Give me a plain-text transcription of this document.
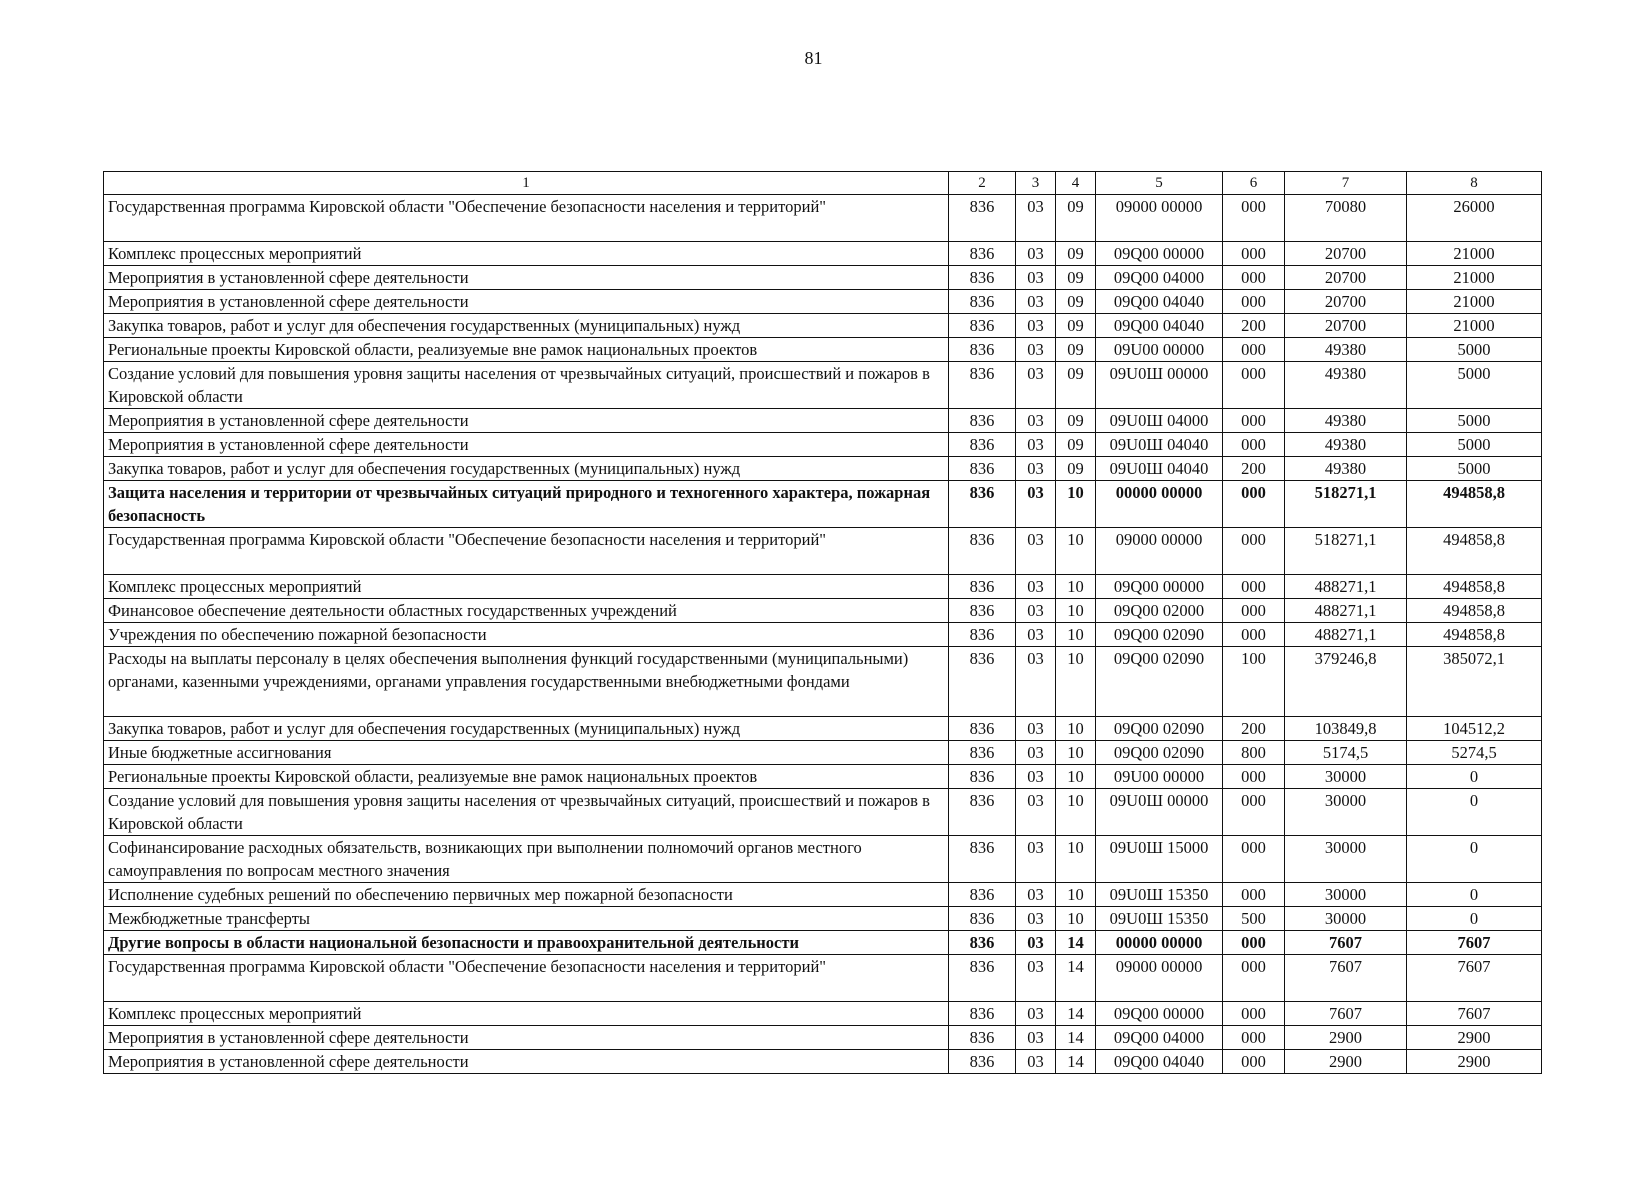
81
1	2	3	4	5	6	7	8
Государственная программа Кировской области "Обеспечение безопасности населения и территорий"	836	03	09	09000 00000	000	70080	26000
Комплекс процессных мероприятий	836	03	09	09Q00 00000	000	20700	21000
Мероприятия в установленной сфере деятельности	836	03	09	09Q00 04000	000	20700	21000
Мероприятия в установленной сфере деятельности	836	03	09	09Q00 04040	000	20700	21000
Закупка товаров, работ и услуг для обеспечения государственных (муниципальных) нужд	836	03	09	09Q00 04040	200	20700	21000
Региональные проекты Кировской области, реализуемые вне рамок национальных проектов	836	03	09	09U00 00000	000	49380	5000
Создание условий для повышения уровня защиты населения от чрезвычайных ситуаций, происшествий и пожаров в Кировской области	836	03	09	09U0Ш 00000	000	49380	5000
Мероприятия в установленной сфере деятельности	836	03	09	09U0Ш 04000	000	49380	5000
Мероприятия в установленной сфере деятельности	836	03	09	09U0Ш 04040	000	49380	5000
Закупка товаров, работ и услуг для обеспечения государственных (муниципальных) нужд	836	03	09	09U0Ш 04040	200	49380	5000
Защита населения и территории от чрезвычайных ситуаций природного и техногенного характера, пожарная безопасность	836	03	10	00000 00000	000	518271,1	494858,8
Государственная программа Кировской области "Обеспечение безопасности населения и территорий"	836	03	10	09000 00000	000	518271,1	494858,8
Комплекс процессных мероприятий	836	03	10	09Q00 00000	000	488271,1	494858,8
Финансовое обеспечение деятельности областных государственных учреждений	836	03	10	09Q00 02000	000	488271,1	494858,8
Учреждения по обеспечению пожарной безопасности	836	03	10	09Q00 02090	000	488271,1	494858,8
Расходы на выплаты персоналу в целях обеспечения выполнения функций государственными (муниципальными) органами, казенными учреждениями, органами управления государственными внебюджетными фондами	836	03	10	09Q00 02090	100	379246,8	385072,1
Закупка товаров, работ и услуг для обеспечения государственных (муниципальных) нужд	836	03	10	09Q00 02090	200	103849,8	104512,2
Иные бюджетные ассигнования	836	03	10	09Q00 02090	800	5174,5	5274,5
Региональные проекты Кировской области, реализуемые вне рамок национальных проектов	836	03	10	09U00 00000	000	30000	0
Создание условий для повышения уровня защиты населения от чрезвычайных ситуаций, происшествий и пожаров в Кировской области	836	03	10	09U0Ш 00000	000	30000	0
Софинансирование расходных обязательств, возникающих при выполнении полномочий органов местного самоуправления по вопросам местного значения	836	03	10	09U0Ш 15000	000	30000	0
Исполнение судебных решений по обеспечению первичных мер пожарной безопасности	836	03	10	09U0Ш 15350	000	30000	0
Межбюджетные трансферты	836	03	10	09U0Ш 15350	500	30000	0
Другие вопросы в области национальной безопасности и правоохранительной деятельности	836	03	14	00000 00000	000	7607	7607
Государственная программа Кировской области "Обеспечение безопасности населения и территорий"	836	03	14	09000 00000	000	7607	7607
Комплекс процессных мероприятий	836	03	14	09Q00 00000	000	7607	7607
Мероприятия в установленной сфере деятельности	836	03	14	09Q00 04000	000	2900	2900
Мероприятия в установленной сфере деятельности	836	03	14	09Q00 04040	000	2900	2900
